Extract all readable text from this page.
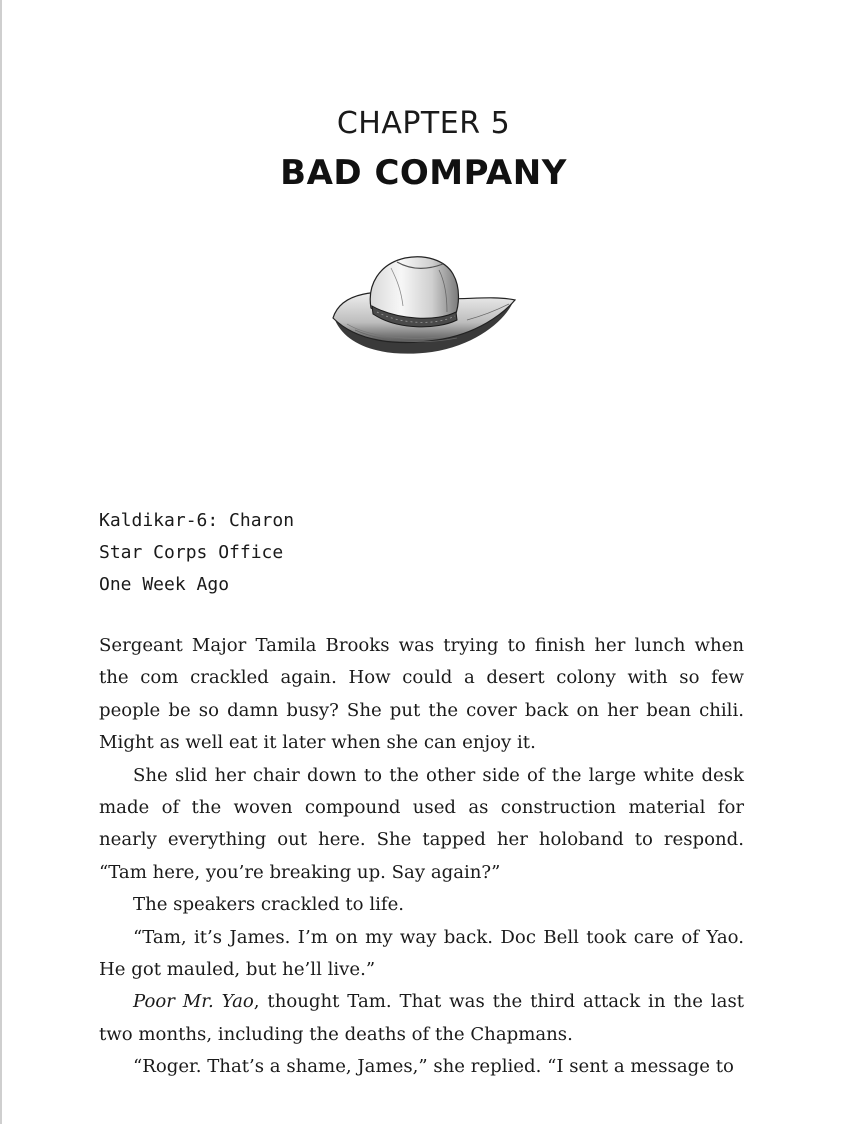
CHAPTER 5
BAD COMPANY
Kaldikar-6: Charon
Star Corps Office
One Week Ago

Sergeant Major Tamila Brooks was trying to finish her lunch when the com crackled again. How could a desert colony with so few people be so damn busy? She put the cover back on her bean chili. Might as well eat it later when she can enjoy it.

She slid her chair down to the other side of the large white desk made of the woven compound used as construction material for nearly everything out here. She tapped her holoband to respond. “Tam here, you’re breaking up. Say again?”

The speakers crackled to life.

“Tam, it’s James. I’m on my way back. Doc Bell took care of Yao. He got mauled, but he’ll live.”

Poor Mr. Yao, thought Tam. That was the third attack in the last two months, including the deaths of the Chapmans.

“Roger. That’s a shame, James,” she replied. “I sent a message to
